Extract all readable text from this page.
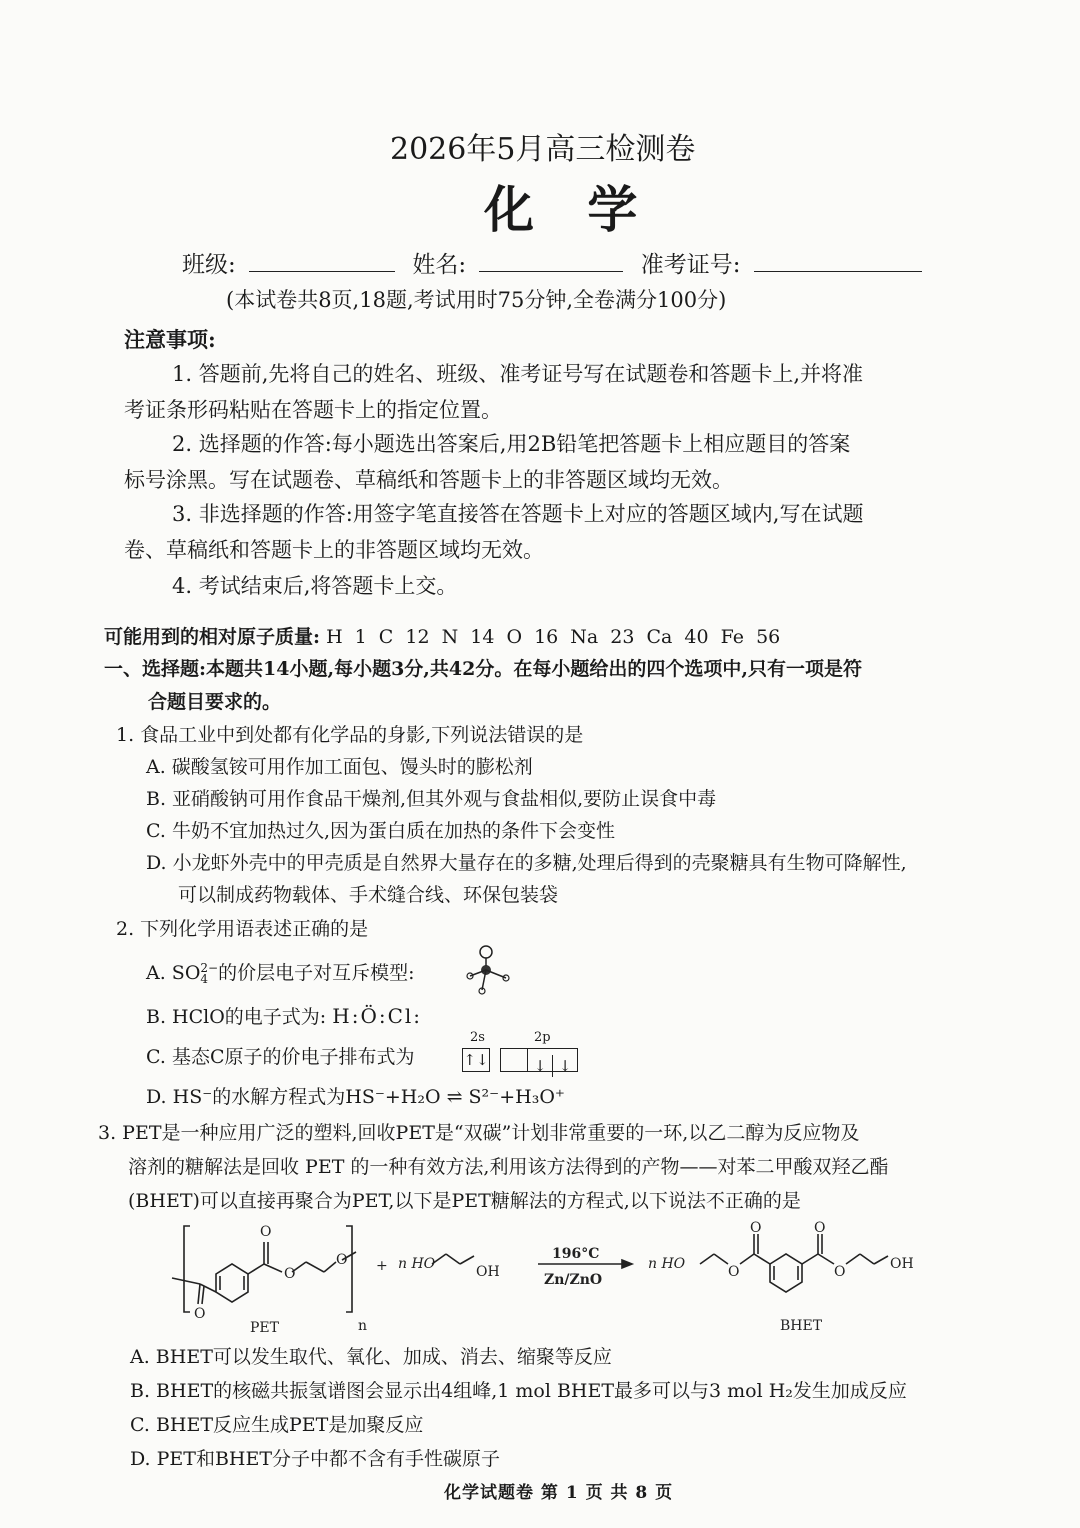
2026年5月高三检测卷
化 学
班级:	姓名:	准考证号:
(本试卷共8页,18题,考试用时75分钟,全卷满分100分)
注意事项:
1. 答题前,先将自己的姓名、班级、准考证号写在试题卷和答题卡上,并将准
考证条形码粘贴在答题卡上的指定位置。
2. 选择题的作答:每小题选出答案后,用2B铅笔把答题卡上相应题目的答案
标号涂黑。写在试题卷、草稿纸和答题卡上的非答题区域均无效。
3. 非选择题的作答:用签字笔直接答在答题卡上对应的答题区域内,写在试题
卷、草稿纸和答题卡上的非答题区域均无效。
4. 考试结束后,将答题卡上交。
可能用到的相对原子质量: H 1 C 12 N 14 O 16 Na 23 Ca 40 Fe 56
一、选择题:本题共14小题,每小题3分,共42分。在每小题给出的四个选项中,只有一项是符
合题目要求的。
1. 食品工业中到处都有化学品的身影,下列说法错误的是
A. 碳酸氢铵可用作加工面包、馒头时的膨松剂
B. 亚硝酸钠可用作食品干燥剂,但其外观与食盐相似,要防止误食中毒
C. 牛奶不宜加热过久,因为蛋白质在加热的条件下会变性
D. 小龙虾外壳中的甲壳质是自然界大量存在的多糖,处理后得到的壳聚糖具有生物可降解性,
可以制成药物载体、手术缝合线、环保包装袋
2. 下列化学用语表述正确的是
A. SO 2−
4 的价层电子对互斥模型:
B. HClO的电子式为: H:Ö:Cl:
C. 基态C原子的价电子排布式为
2s	2p
↑↓	↓ ↓
D. HS⁻的水解方程式为HS⁻+H₂O ⇌ S²⁻+H₃O⁺
3. PET是一种应用广泛的塑料,回收PET是“双碳”计划非常重要的一环,以乙二醇为反应物及
溶剂的糖解法是回收 PET 的一种有效方法,利用该方法得到的产物——对苯二甲酸双羟乙酯
(BHET)可以直接再聚合为PET,以下是PET糖解法的方程式,以下说法不正确的是
O
O
O
O
n
PET
+ n HO	OH
196°C
Zn/ZnO
n HO	O
O	O
O	OH
BHET
A. BHET可以发生取代、氧化、加成、消去、缩聚等反应
B. BHET的核磁共振氢谱图会显示出4组峰,1 mol BHET最多可以与3 mol H₂发生加成反应
C. BHET反应生成PET是加聚反应
D. PET和BHET分子中都不含有手性碳原子
化学试题卷 第 1 页 共 8 页
